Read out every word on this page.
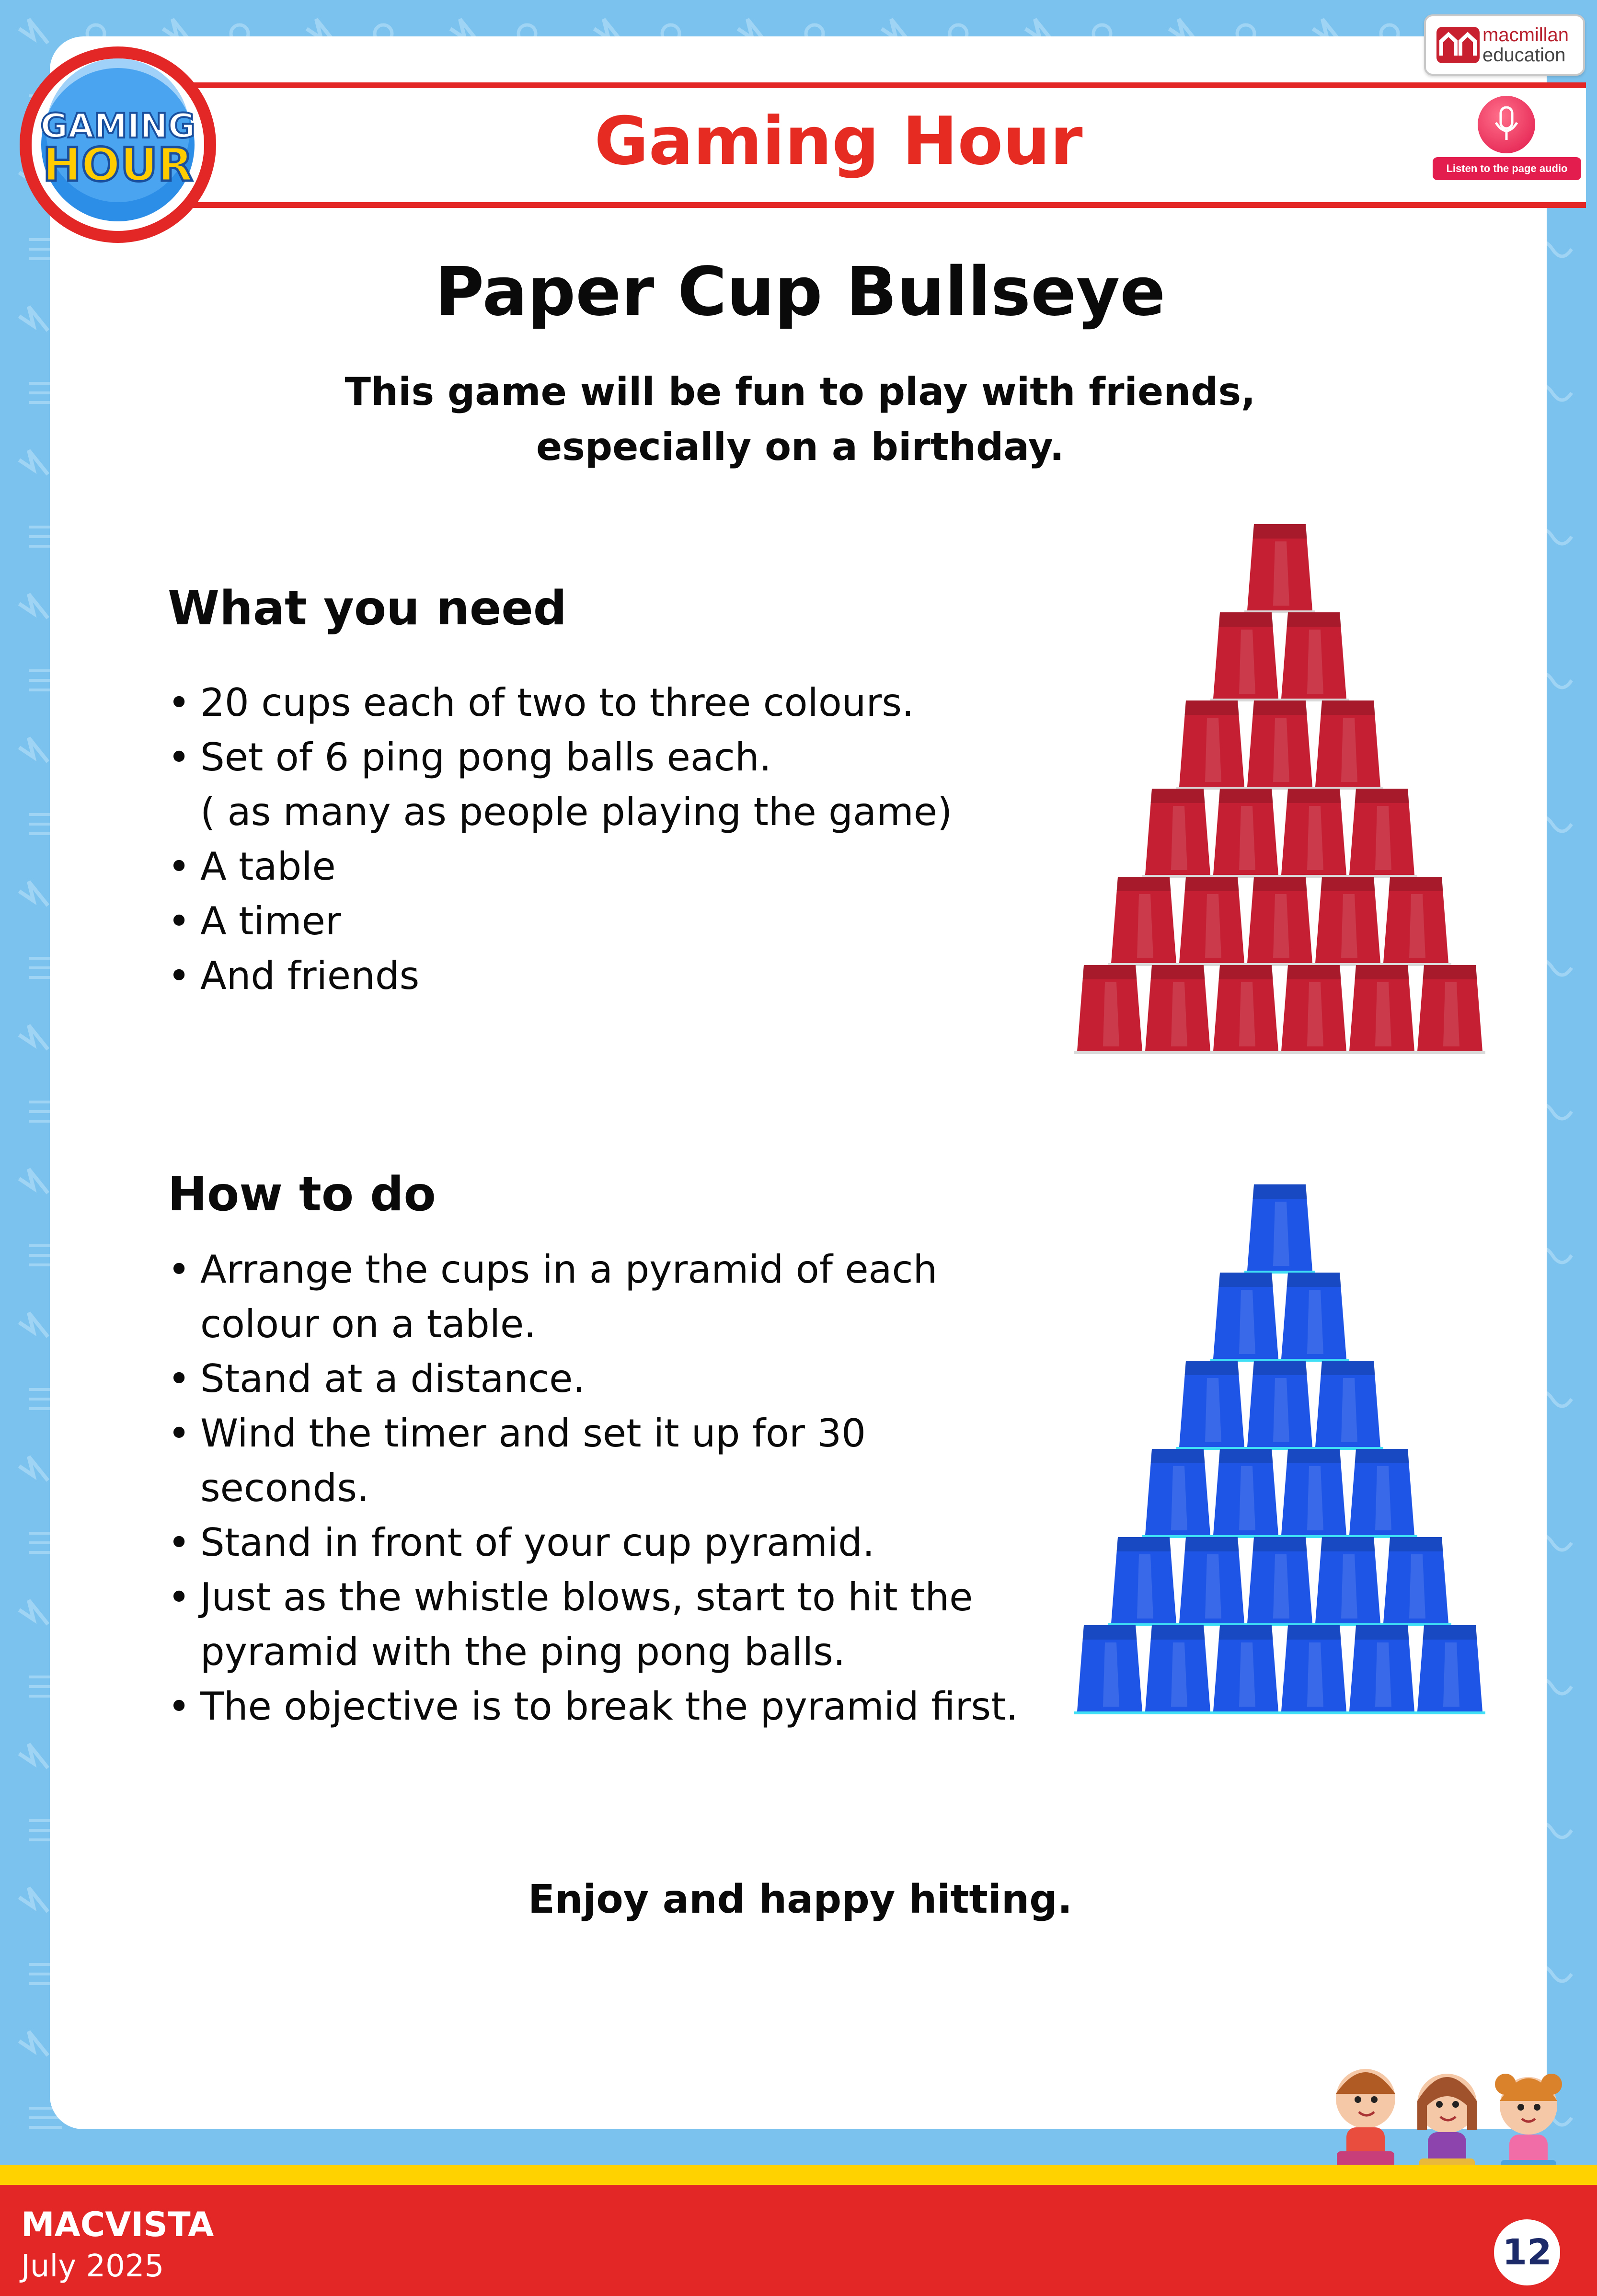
Gaming Hour
GAMING
HOUR
macmillan
education
Listen to the page audio
Paper Cup Bullseye
This game will be fun to play with friends,
especially on a birthday.
What you need
• 20 cups each of two to three colours.
• Set of 6 ping pong balls each.
( as many as people playing the game)
• A table
• A timer
• And friends
How to do
• Arrange the cups in a pyramid of each
colour on a table.
• Stand at a distance.
• Wind the timer and set it up for 30
seconds.
• Stand in front of your cup pyramid.
• Just as the whistle blows, start to hit the
pyramid with the ping pong balls.
• The objective is to break the pyramid first.
Enjoy and happy hitting.
MACVISTA
July 2025	12
